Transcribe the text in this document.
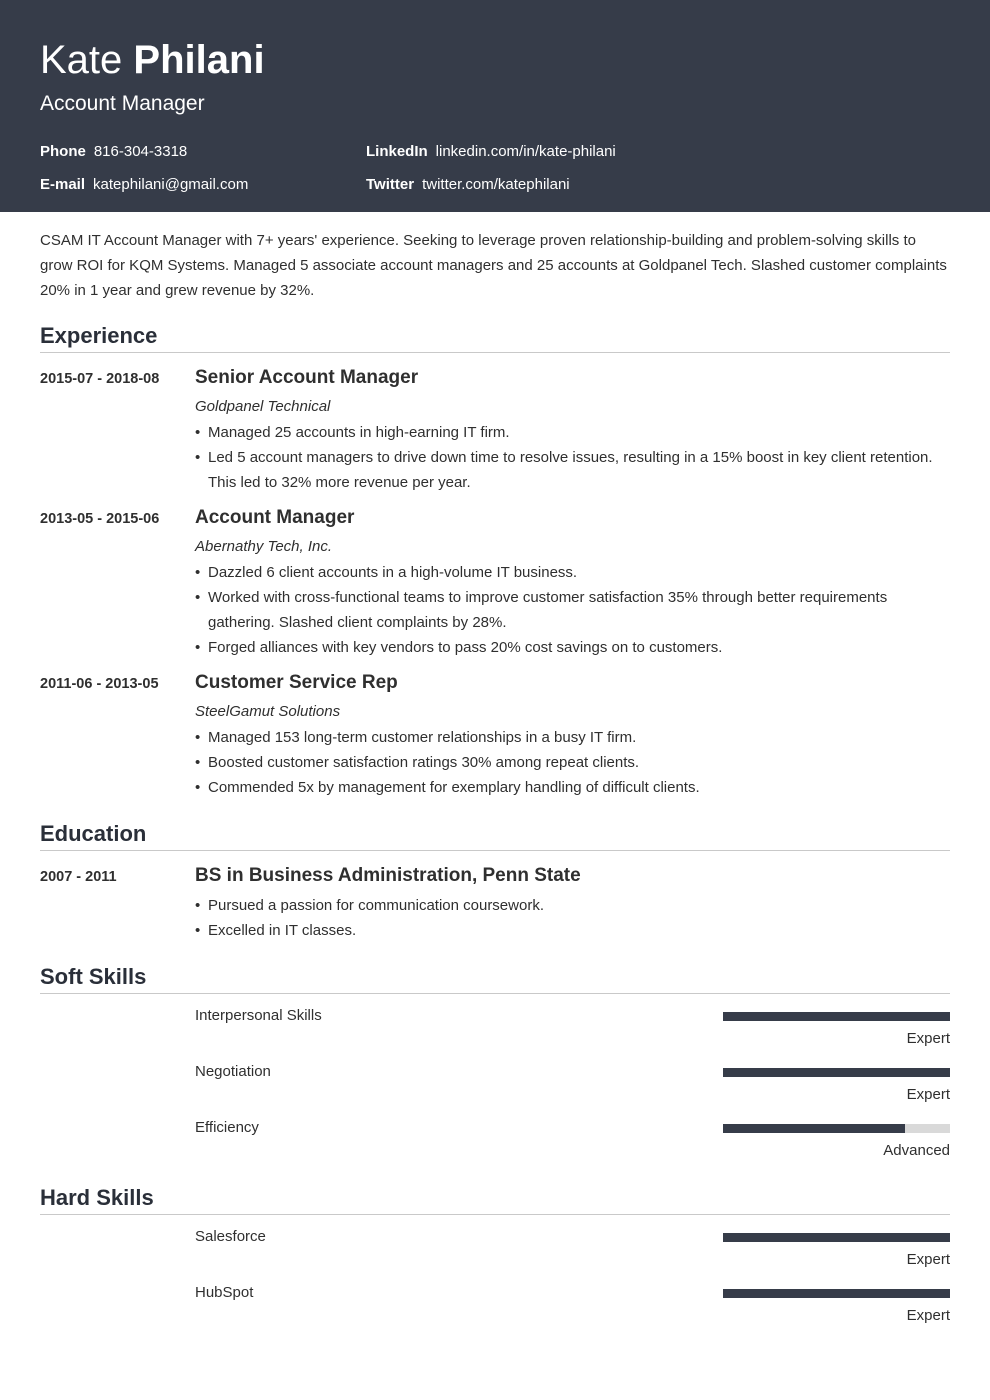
Kate Philani
Account Manager
Phone 816-304-3318
E-mail katephilani@gmail.com
LinkedIn linkedin.com/in/kate-philani
Twitter twitter.com/katephilani
CSAM IT Account Manager with 7+ years' experience. Seeking to leverage proven relationship-building and problem-solving skills to grow ROI for KQM Systems. Managed 5 associate account managers and 25 accounts at Goldpanel Tech. Slashed customer complaints 20% in 1 year and grew revenue by 32%.
Experience
2015-07 - 2018-08 Senior Account Manager
Goldpanel Technical
• Managed 25 accounts in high-earning IT firm.
• Led 5 account managers to drive down time to resolve issues, resulting in a 15% boost in key client retention. This led to 32% more revenue per year.
2013-05 - 2015-06 Account Manager
Abernathy Tech, Inc.
• Dazzled 6 client accounts in a high-volume IT business.
• Worked with cross-functional teams to improve customer satisfaction 35% through better requirements gathering. Slashed client complaints by 28%.
• Forged alliances with key vendors to pass 20% cost savings on to customers.
2011-06 - 2013-05 Customer Service Rep
SteelGamut Solutions
• Managed 153 long-term customer relationships in a busy IT firm.
• Boosted customer satisfaction ratings 30% among repeat clients.
• Commended 5x by management for exemplary handling of difficult clients.
Education
2007 - 2011	BS in Business Administration, Penn State
• Pursued a passion for communication coursework.
• Excelled in IT classes.
Soft Skills
Interpersonal Skills
Expert
Negotiation
Expert
Efficiency
Advanced
Hard Skills
Salesforce
Expert
HubSpot
Expert
